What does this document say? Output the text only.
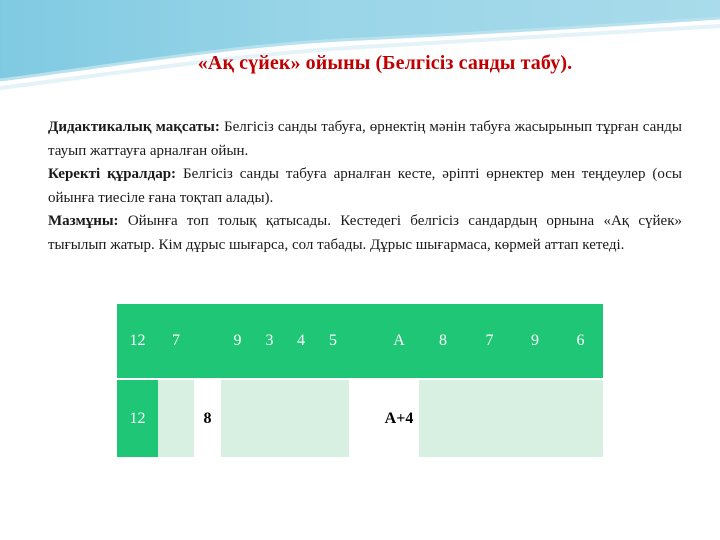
«Ақ сүйек» ойыны (Белгісіз санды табу).

Дидактикалық мақсаты: Белгісіз санды табуға, өрнектің мәнін табуға жасырынып тұрған санды тауып жаттауға арналған ойын.

Керекті құралдар: Белгісіз санды табуға арналған кесте, әріпті өрнектер мен теңдеулер (осы ойынға тиесіле ғана тоқтап алады).

Мазмұны: Ойынға топ толық қатысады. Кестедегі белгісіз сандардың орнына «Ақ сүйек» тығылып жатыр. Кім дұрыс шығарса, сол табады. Дұрыс шығармаса, көрмей аттап кетеді.

12 7	9 3 4 5	A 8 7 9 6
12	8	A+4
